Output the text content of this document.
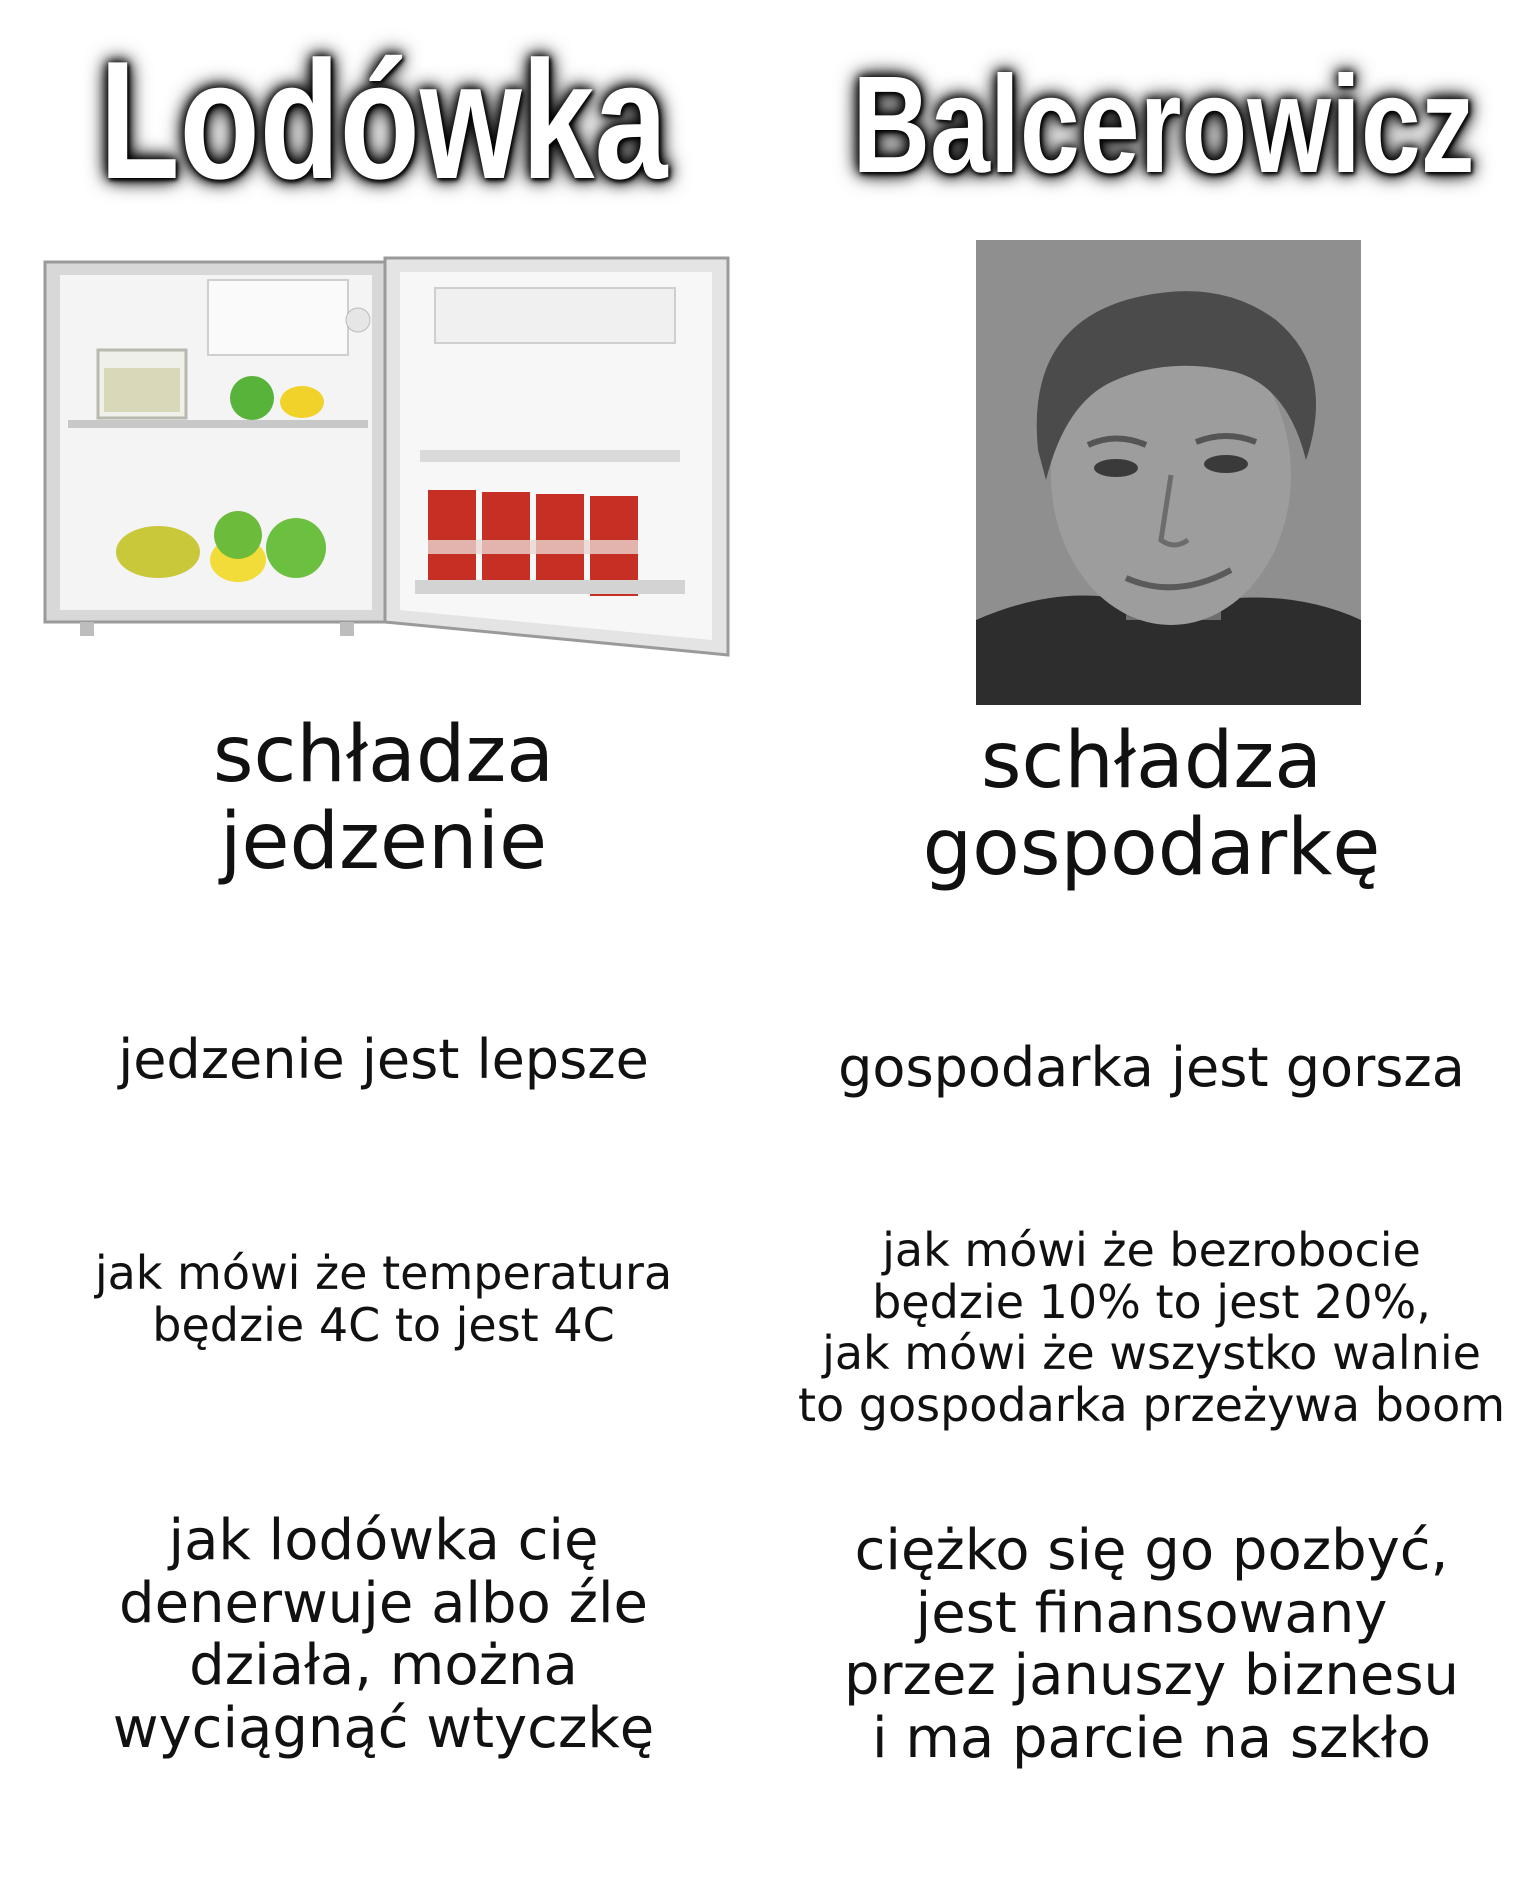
Lodówka
schładza
jedzenie
jedzenie jest lepsze
jak mówi że temperatura
będzie 4C to jest 4C
jak lodówka cię
denerwuje albo źle
działa, można
wyciągnąć wtyczkę
Balcerowicz
schładza
gospodarkę
gospodarka jest gorsza
jak mówi że bezrobocie
będzie 10% to jest 20%,
jak mówi że wszystko walnie
to gospodarka przeżywa boom
ciężko się go pozbyć,
jest finansowany
przez januszy biznesu
i ma parcie na szkło
